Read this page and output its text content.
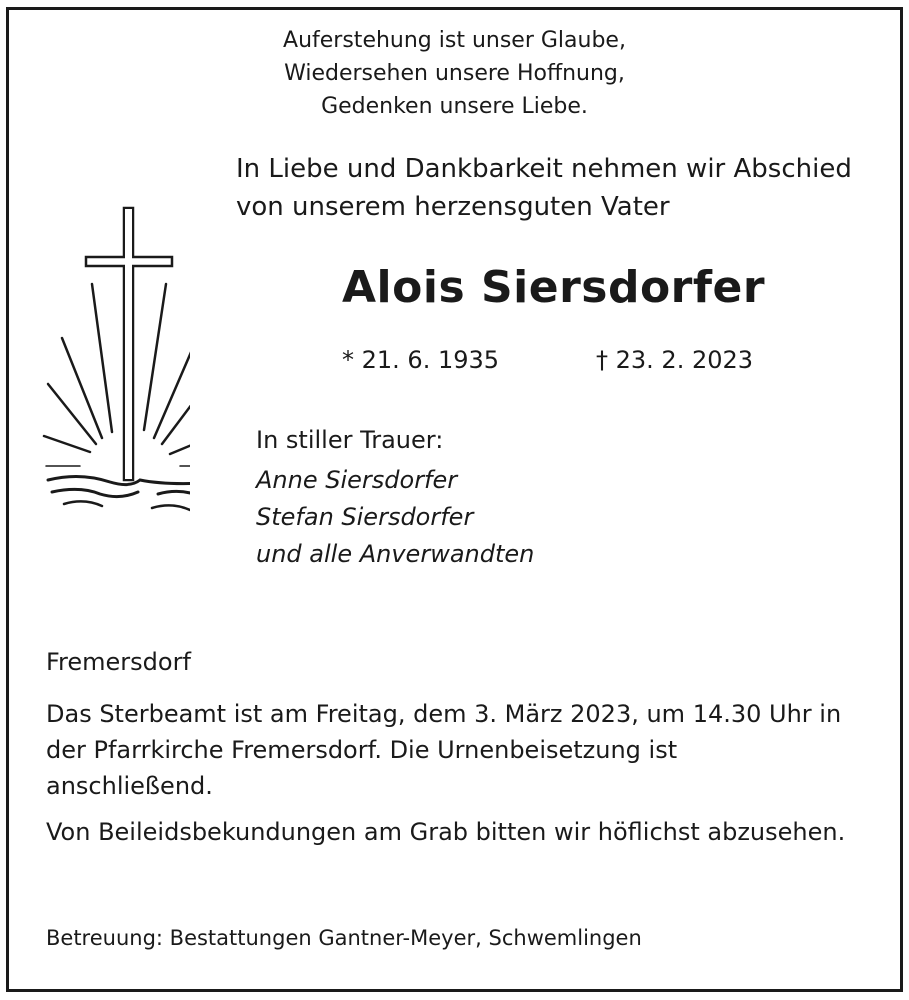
Auferstehung ist unser Glaube,
Wiedersehen unsere Hoffnung,
Gedenken unsere Liebe.
In Liebe und Dankbarkeit nehmen wir Abschied
von unserem herzensguten Vater
Alois Siersdorfer
* 21. 6. 1935	† 23. 2. 2023
In stiller Trauer:
Anne Siersdorfer
Stefan Siersdorfer
und alle Anverwandten
Fremersdorf
Das Sterbeamt ist am Freitag, dem 3. März 2023, um 14.30 Uhr in der Pfarrkirche Fremersdorf. Die Urnenbeisetzung ist anschließend.
Von Beileidsbekundungen am Grab bitten wir höflichst abzusehen.
Betreuung: Bestattungen Gantner-Meyer, Schwemlingen
